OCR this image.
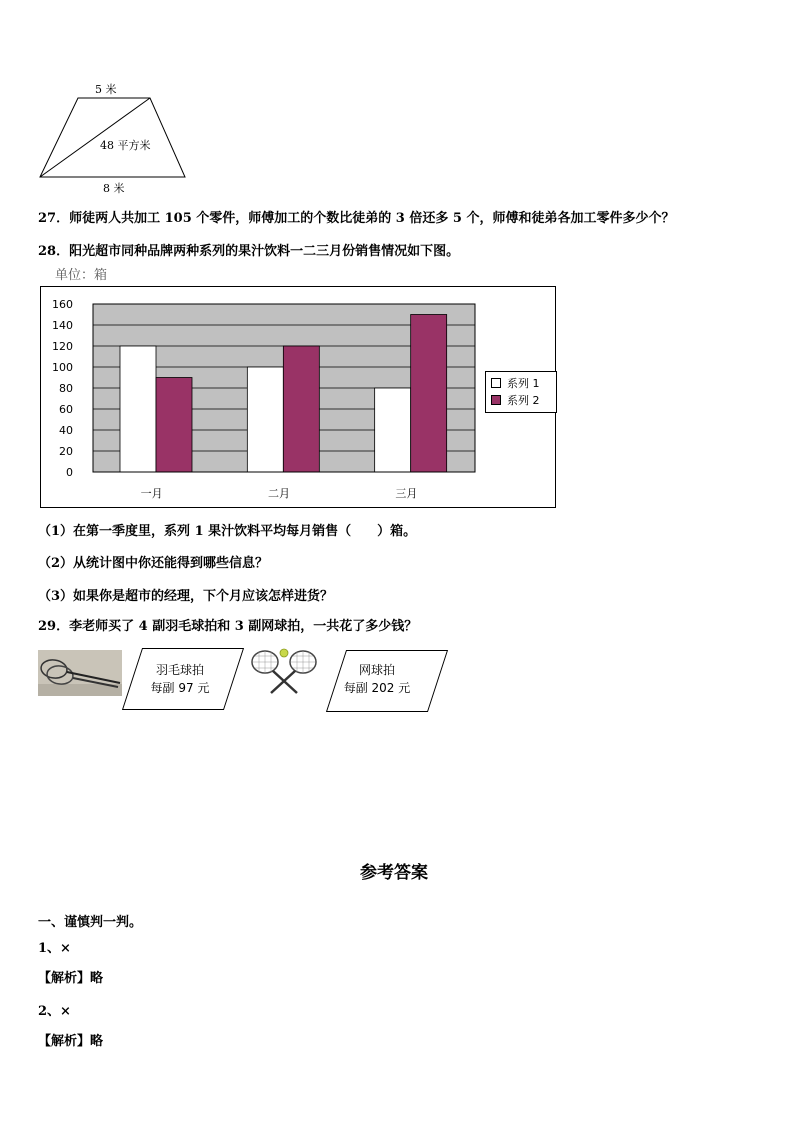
5 米
48 平方米
8 米
27．师徒两人共加工 105 个零件，师傅加工的个数比徒弟的 3 倍还多 5 个，师傅和徒弟各加工零件多少个？
28．阳光超市同种品牌两种系列的果汁饮料一二三月份销售情况如下图。
单位：箱
0
20
40
60
80
100
120
140
160
一月	二月	三月
系列 1
系列 2
（1）在第一季度里，系列 1 果汁饮料平均每月销售（　　）箱。
（2）从统计图中你还能得到哪些信息？
（3）如果你是超市的经理，下个月应该怎样进货？
29．李老师买了 4 副羽毛球拍和 3 副网球拍，一共花了多少钱？
羽毛球拍
每副 97 元
网球拍
每副 202 元
参考答案
一、谨慎判一判。
1、×
【解析】略
2、×
【解析】略
